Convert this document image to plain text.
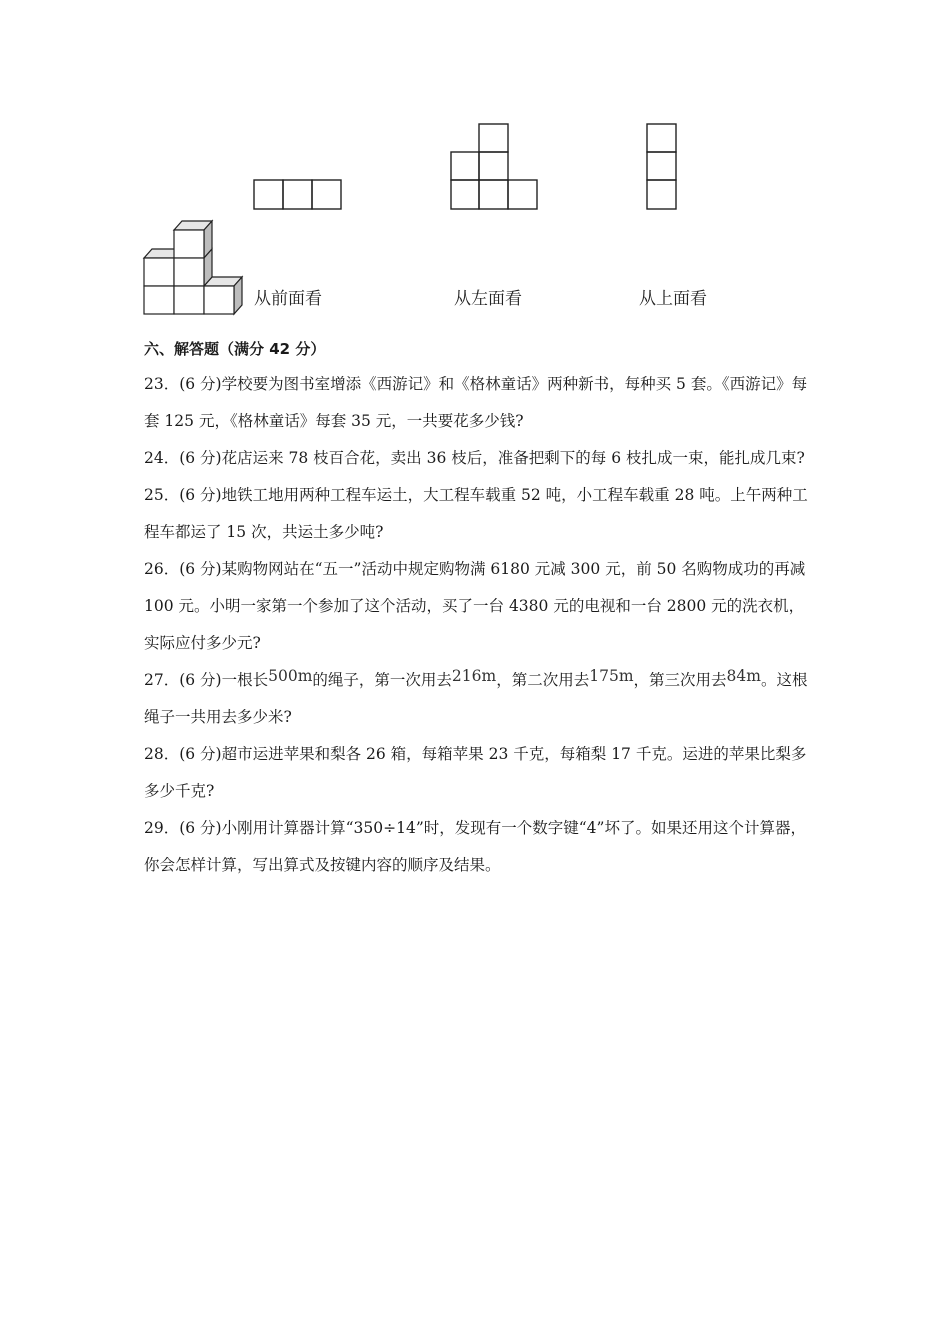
从前面看	从左面看	从上面看
六、解答题（满分 42 分）

23．(6 分)学校要为图书室增添《西游记》和《格林童话》两种新书，每种买 5 套。《西游记》每套 125 元，《格林童话》每套 35 元，一共要花多少钱?

24．(6 分)花店运来 78 枝百合花，卖出 36 枝后，准备把剩下的每 6 枝扎成一束，能扎成几束?

25．(6 分)地铁工地用两种工程车运土，大工程车载重 52 吨，小工程车载重 28 吨。上午两种工程车都运了 15 次，共运土多少吨?

26．(6 分)某购物网站在“五一”活动中规定购物满 6180 元减 300 元，前 50 名购物成功的再减 100 元。小明一家第一个参加了这个活动，买了一台 4380 元的电视和一台 2800 元的洗衣机，实际应付多少元?

27．(6 分)一根长500m的绳子，第一次用去216m，第二次用去175m，第三次用去84m。这根绳子一共用去多少米?

28．(6 分)超市运进苹果和梨各 26 箱，每箱苹果 23 千克，每箱梨 17 千克。运进的苹果比梨多多少千克?

29．(6 分)小刚用计算器计算“350÷14”时，发现有一个数字键“4”坏了。如果还用这个计算器，你会怎样计算，写出算式及按键内容的顺序及结果。
